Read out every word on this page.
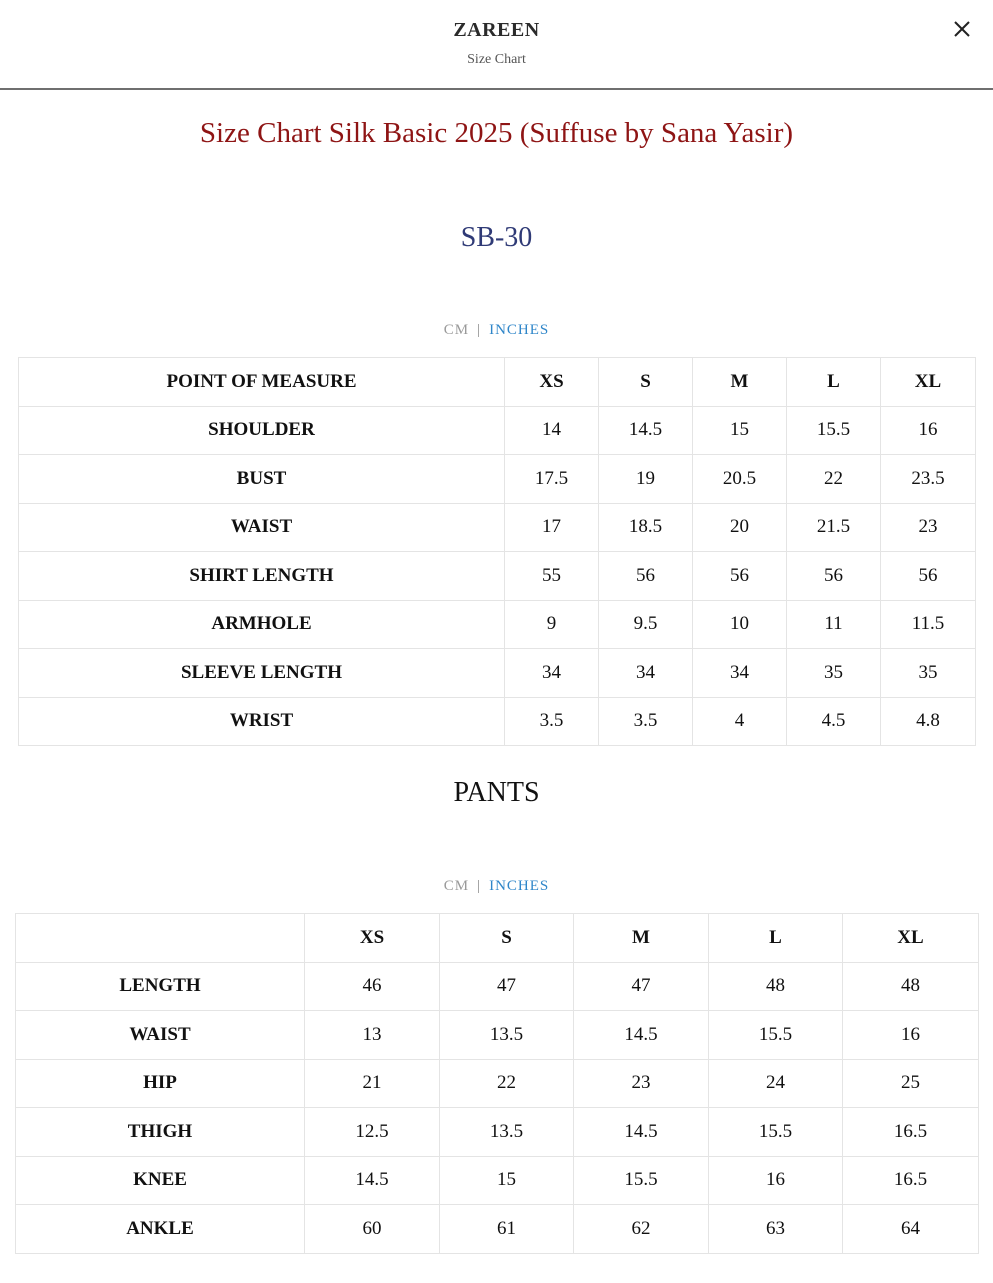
ZAREEN
Size Chart
Size Chart Silk Basic 2025 (Suffuse by Sana Yasir)
SB-30
CM | INCHES
POINT OF MEASURE	XS	S	M	L	XL
SHOULDER	14	14.5	15	15.5	16
BUST	17.5	19	20.5	22	23.5
WAIST	17	18.5	20	21.5	23
SHIRT LENGTH	55	56	56	56	56
ARMHOLE	9	9.5	10	11	11.5
SLEEVE LENGTH	34	34	34	35	35
WRIST	3.5	3.5	4	4.5	4.8
PANTS
CM | INCHES
	XS	S	M	L	XL
LENGTH	46	47	47	48	48
WAIST	13	13.5	14.5	15.5	16
HIP	21	22	23	24	25
THIGH	12.5	13.5	14.5	15.5	16.5
KNEE	14.5	15	15.5	16	16.5
ANKLE	60	61	62	63	64
